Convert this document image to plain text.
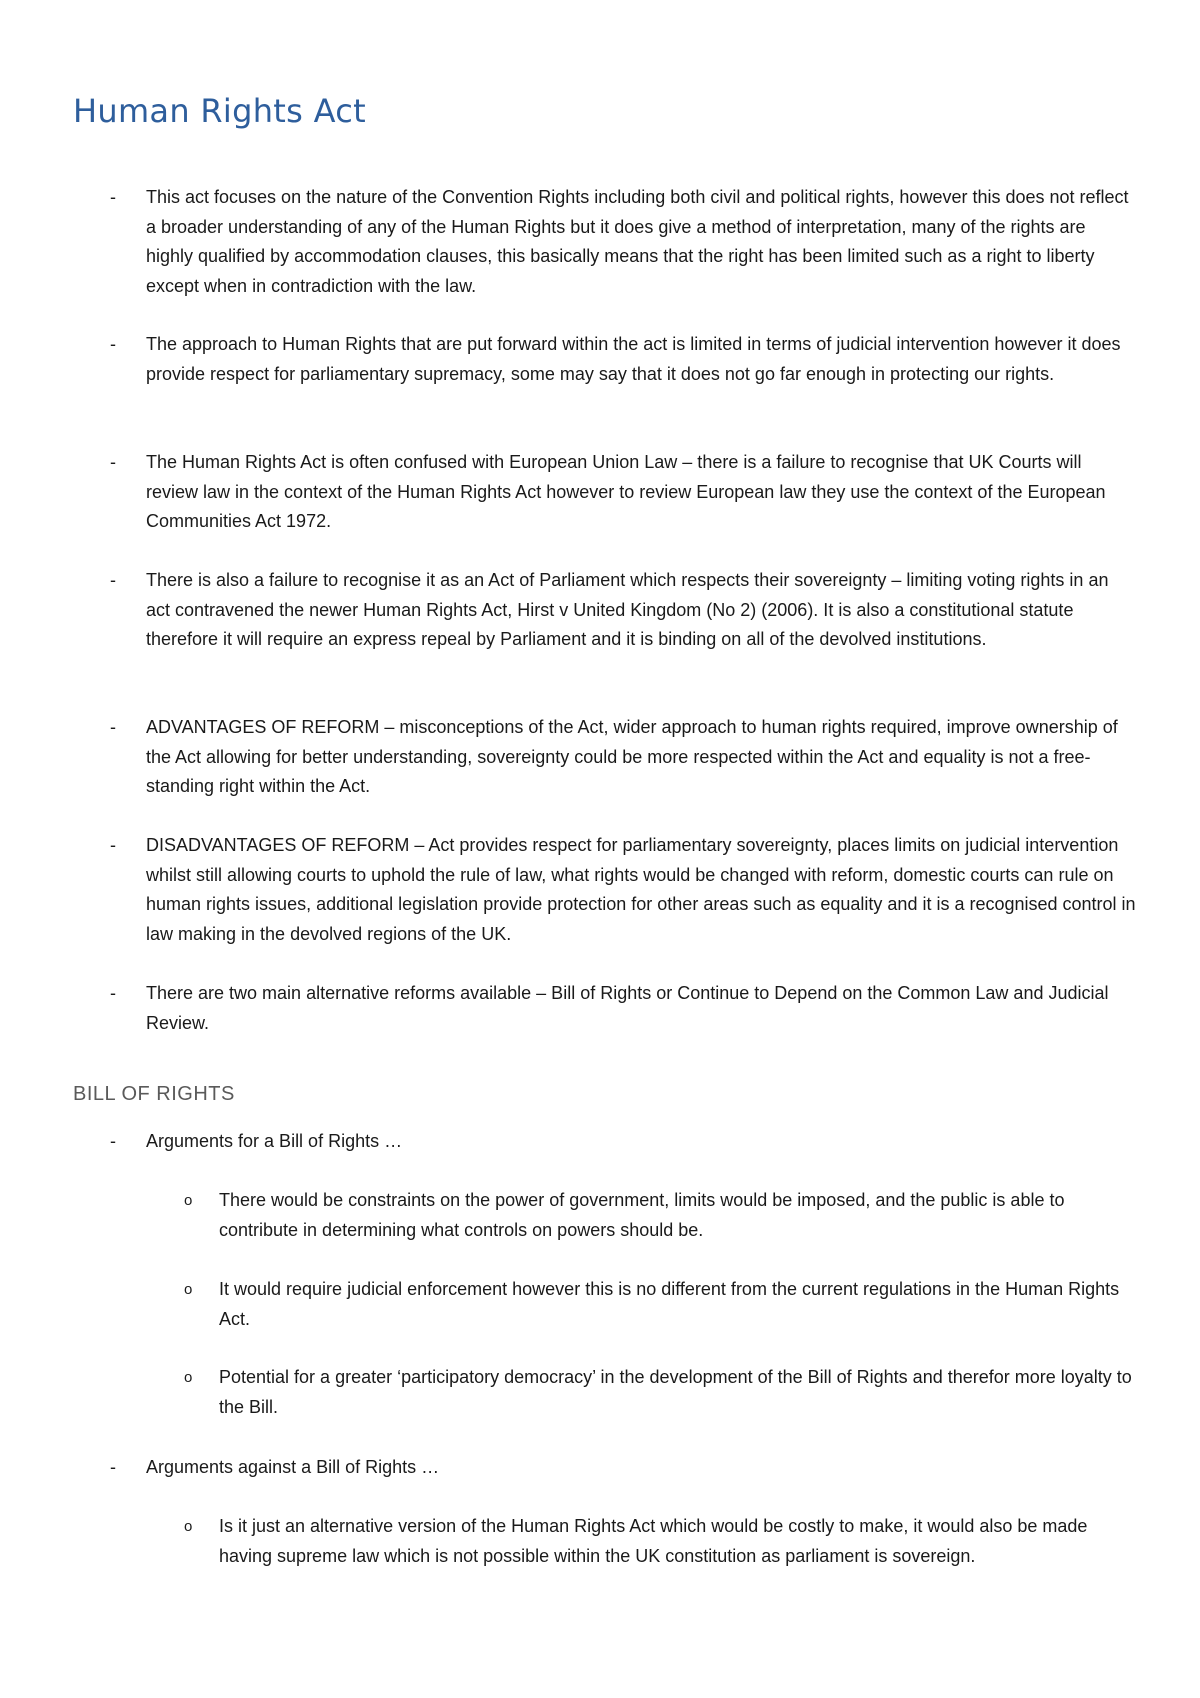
Human Rights Act
- This act focuses on the nature of the Convention Rights including both civil and political rights, however this does not reflect a broader understanding of any of the Human Rights but it does give a method of interpretation, many of the rights are highly qualified by accommodation clauses, this basically means that the right has been limited such as a right to liberty except when in contradiction with the law.

- The approach to Human Rights that are put forward within the act is limited in terms of judicial intervention however it does provide respect for parliamentary supremacy, some may say that it does not go far enough in protecting our rights.

- The Human Rights Act is often confused with European Union Law – there is a failure to recognise that UK Courts will review law in the context of the Human Rights Act however to review European law they use the context of the European Communities Act 1972.

- There is also a failure to recognise it as an Act of Parliament which respects their sovereignty – limiting voting rights in an act contravened the newer Human Rights Act, Hirst v United Kingdom (No 2) (2006). It is also a constitutional statute therefore it will require an express repeal by Parliament and it is binding on all of the devolved institutions.

- ADVANTAGES OF REFORM – misconceptions of the Act, wider approach to human rights required, improve ownership of the Act allowing for better understanding, sovereignty could be more respected within the Act and equality is not a free-standing right within the Act.

- DISADVANTAGES OF REFORM – Act provides respect for parliamentary sovereignty, places limits on judicial intervention whilst still allowing courts to uphold the rule of law, what rights would be changed with reform, domestic courts can rule on human rights issues, additional legislation provide protection for other areas such as equality and it is a recognised control in law making in the devolved regions of the UK.

- There are two main alternative reforms available – Bill of Rights or Continue to Depend on the Common Law and Judicial Review.

BILL OF RIGHTS
- Arguments for a Bill of Rights …

o There would be constraints on the power of government, limits would be imposed, and the public is able to contribute in determining what controls on powers should be.

o It would require judicial enforcement however this is no different from the current regulations in the Human Rights Act.

o Potential for a greater ‘participatory democracy’ in the development of the Bill of Rights and therefor more loyalty to the Bill.

- Arguments against a Bill of Rights …

o Is it just an alternative version of the Human Rights Act which would be costly to make, it would also be made having supreme law which is not possible within the UK constitution as parliament is sovereign.
